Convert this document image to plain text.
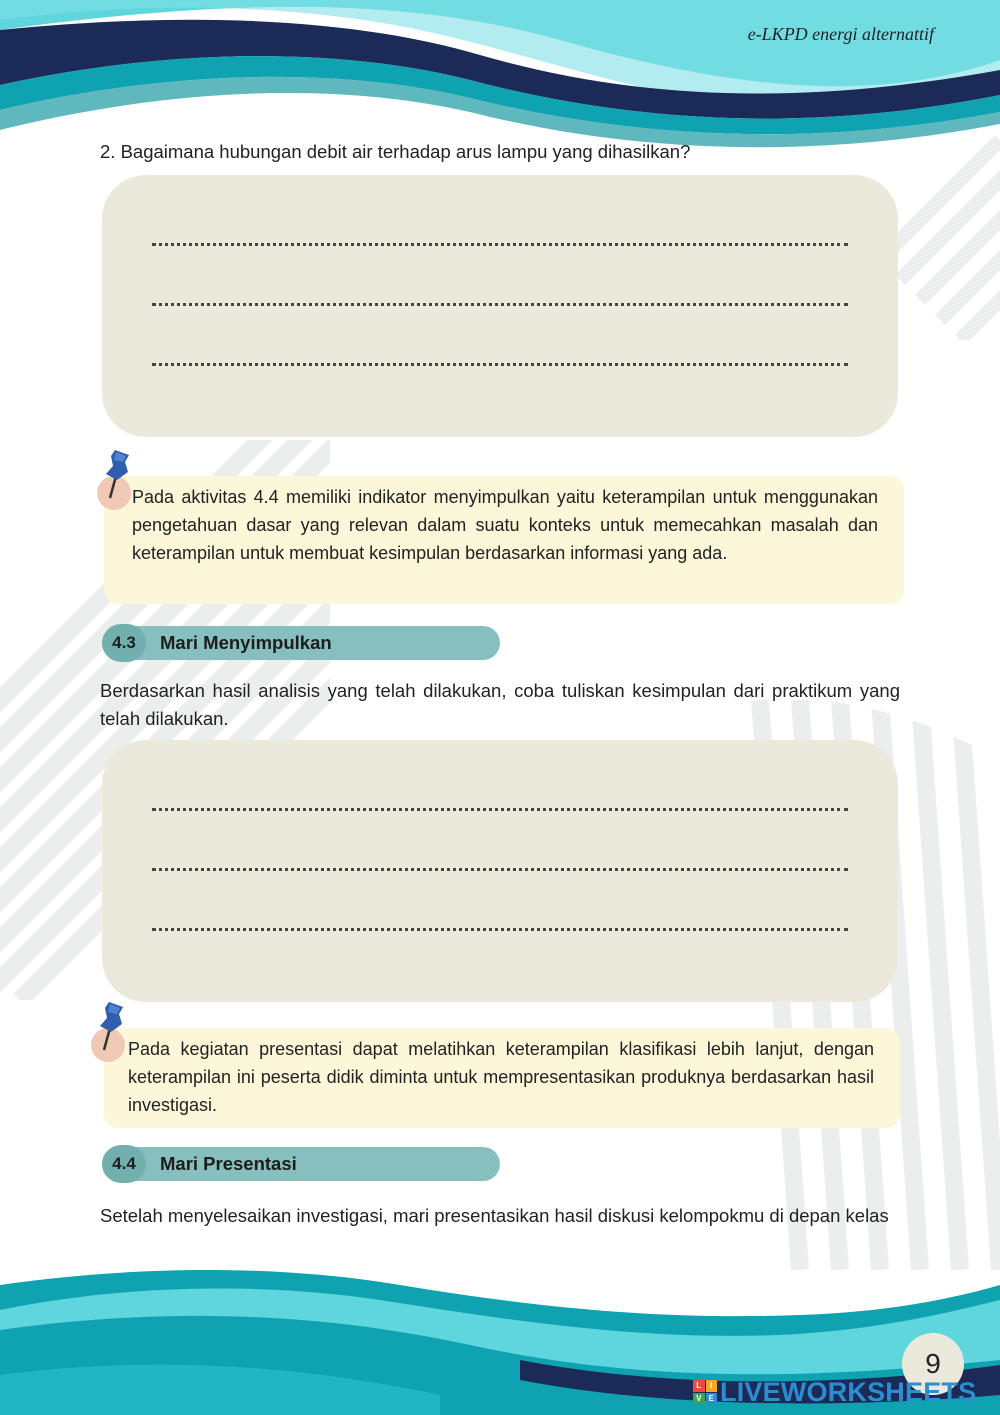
e-LKPD energi alternattif
2. Bagaimana hubungan debit air terhadap arus lampu yang dihasilkan?
Pada aktivitas 4.4 memiliki indikator menyimpulkan yaitu keterampilan untuk menggunakan pengetahuan dasar yang relevan dalam suatu konteks untuk memecahkan masalah dan keterampilan untuk membuat kesimpulan berdasarkan informasi yang ada.
4.3	Mari Menyimpulkan
Berdasarkan hasil analisis yang telah dilakukan, coba tuliskan kesimpulan dari praktikum yang telah dilakukan.
Pada kegiatan presentasi dapat melatihkan keterampilan klasifikasi lebih lanjut, dengan keterampilan ini peserta didik diminta untuk mempresentasikan produknya berdasarkan hasil investigasi.
4.4	Mari Presentasi
Setelah menyelesaikan investigasi, mari presentasikan hasil diskusi kelompokmu di depan kelas
9
L	I
V E LIVEWORKSHEETS
